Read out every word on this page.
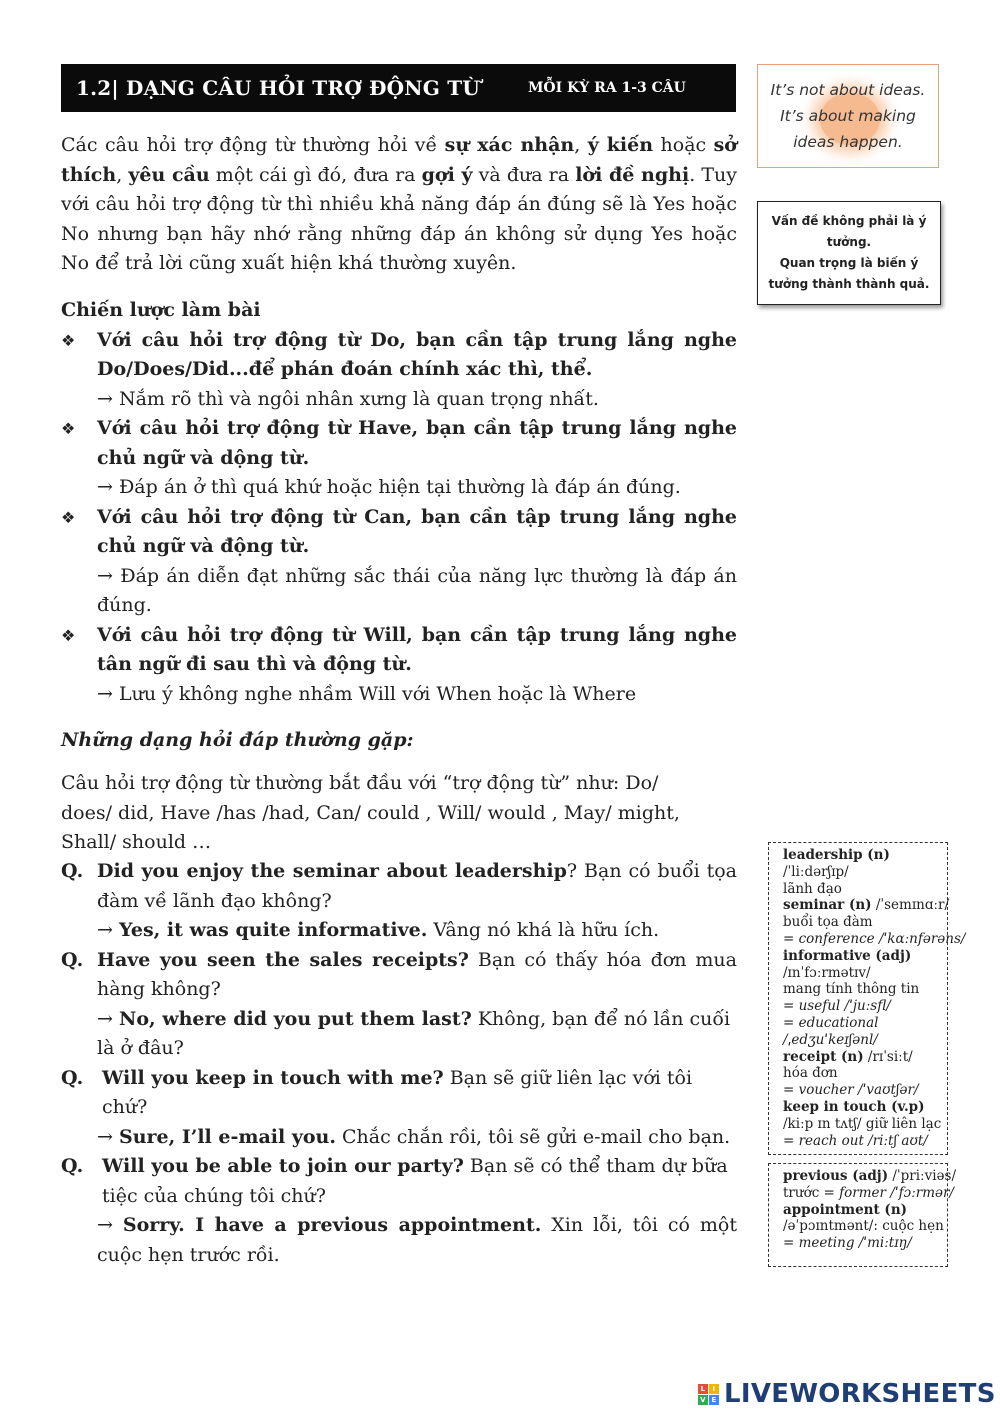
1.2| DẠNG CÂU HỎI TRỢ ĐỘNG TỪ	MỖI KỲ RA 1-3 CÂU	It’s not about ideas.
It’s about making
ideas happen.
Vấn đề không phải là ý
tưởng.
Quan trọng là biến ý
tưởng thành thành quả.
Các câu hỏi trợ động từ thường hỏi về sự xác nhận, ý kiến hoặc sở thích, yêu cầu một cái gì đó, đưa ra gợi ý và đưa ra lời đề nghị. Tuy với câu hỏi trợ động từ thì nhiều khả năng đáp án đúng sẽ là Yes hoặc No nhưng bạn hãy nhớ rằng những đáp án không sử dụng Yes hoặc No để trả lời cũng xuất hiện khá thường xuyên.
Chiến lược làm bài
❖ Với câu hỏi trợ động từ Do, bạn cần tập trung lắng nghe Do/Does/Did...để phán đoán chính xác thì, thể.
→ Nắm rõ thì và ngôi nhân xưng là quan trọng nhất.
❖ Với câu hỏi trợ động từ Have, bạn cần tập trung lắng nghe chủ ngữ và dộng từ.
→ Đáp án ở thì quá khứ hoặc hiện tại thường là đáp án đúng.
❖ Với câu hỏi trợ động từ Can, bạn cần tập trung lắng nghe chủ ngữ và động từ.
→ Đáp án diễn đạt những sắc thái của năng lực thường là đáp án đúng.
❖ Với câu hỏi trợ động từ Will, bạn cần tập trung lắng nghe tân ngữ đi sau thì và động từ.
→ Lưu ý không nghe nhầm Will với When hoặc là Where
Những dạng hỏi đáp thường gặp:
Câu hỏi trợ động từ thường bắt đầu với “trợ động từ” như: Do/ does/ did, Have /has /had, Can/ could , Will/ would , May/ might, Shall/ should …
Q. Did you enjoy the seminar about leadership? Bạn có buổi tọa đàm về lãnh đạo không?
→ Yes, it was quite informative. Vâng nó khá là hữu ích.
Q. Have you seen the sales receipts? Bạn có thấy hóa đơn mua hàng không?
→ No, where did you put them last? Không, bạn để nó lần cuối là ở đâu?
Q. Will you keep in touch with me? Bạn sẽ giữ liên lạc với tôi chứ?
→ Sure, I’ll e-mail you. Chắc chắn rồi, tôi sẽ gửi e-mail cho bạn.
Q. Will you be able to join our party? Bạn sẽ có thể tham dự bữa tiệc của chúng tôi chứ?
→ Sorry. I have a previous appointment. Xin lỗi, tôi có một cuộc hẹn trước rồi.
leadership (n)
/ˈliːdərʃɪp/
lãnh đạo
seminar (n) /ˈsemɪnɑːr/
buổi tọa đàm
= conference /ˈkɑːnfərəns/
informative (adj)
/ɪnˈfɔːrmətɪv/
mang tính thông tin
= useful /ˈjuːsfl/
= educational
/ˌedʒuˈkeɪʃənl/
receipt (n) /rɪˈsiːt/
hóa đơn
= voucher /ˈvaʊtʃər/
keep in touch (v.p)
/kiːp ɪn tʌtʃ/ giữ liên lạc
= reach out /riːtʃ aʊt/
previous (adj) /ˈpriːviəs/
trước = former /ˈfɔːrmər/
appointment (n)
/əˈpɔɪntmənt/: cuộc hẹn
= meeting /ˈmiːtɪŋ/
L	I
V E LIVEWORKSHEETS
